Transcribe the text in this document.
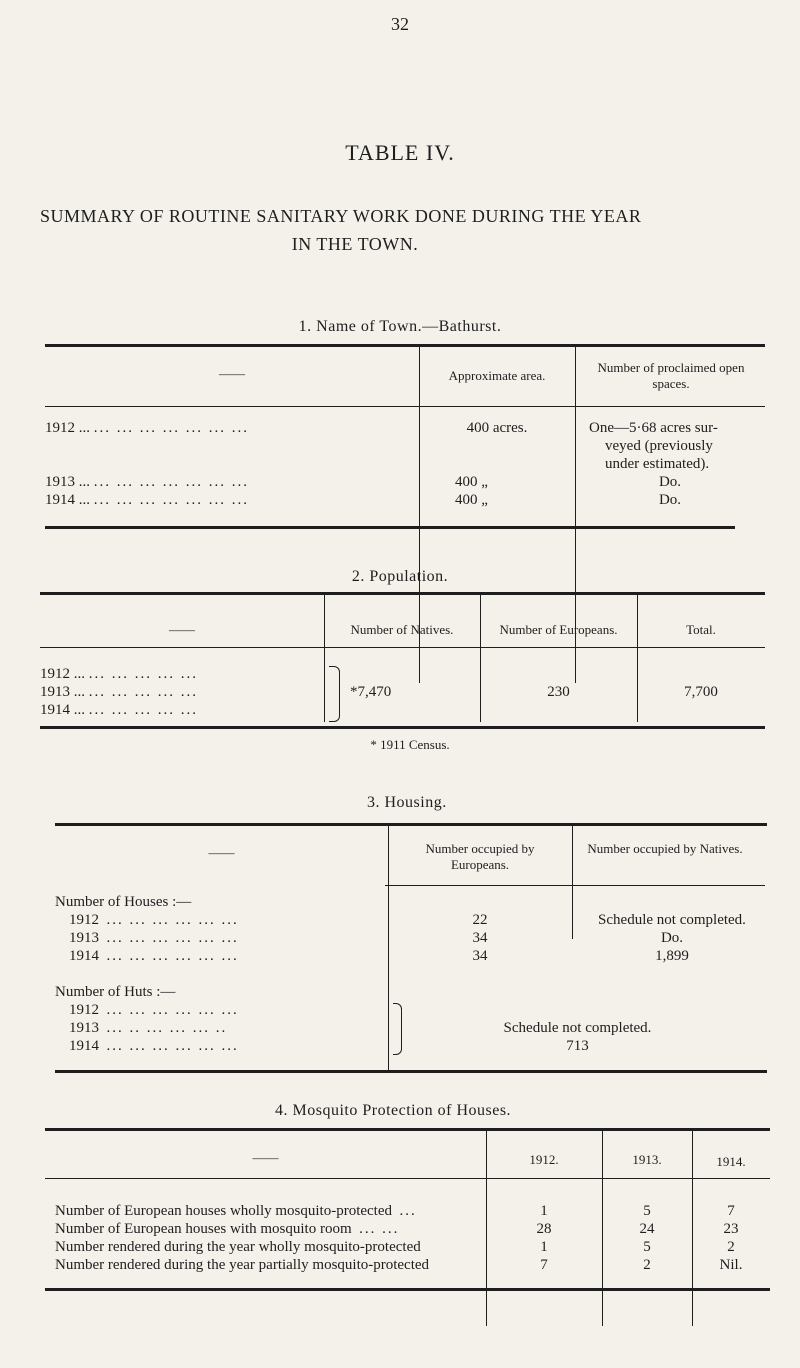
32
TABLE IV.
SUMMARY OF ROUTINE SANITARY WORK DONE DURING THE YEAR
IN THE TOWN.
1. Name of Town.—Bathurst.
——	Approximate area.
Number of proclaimed open spaces.
1912 ... ... ... ... ... ... ... ...	400 acres.	One—5·68 acres sur-
veyed (previously
under estimated).
1913 ... ... ... ... ... ... ... ...	400 „	Do.
1914 ... ... ... ... ... ... ... ...	400 „	Do.
2. Population.
——	Number of Natives.	Number of Europeans.	Total.
1912 ... ... ... ... ... ...
1913 ... ... ... ... ... ...
1914 ... ... ... ... ... ...
*7,470	230	7,700
* 1911 Census.
3. Housing.
——	Number occupied by Europeans.
Number occupied by Natives.
Number of Houses :—
1912 ... ... ... ... ... ...	22	Schedule not completed.
1913 ... ... ... ... ... ...	34	Do.
1914 ... ... ... ... ... ...	34	1,899
Number of Huts :—
1912 ... ... ... ... ... ...
1913 ... .. ... ... ... ..
1914 ... ... ... ... ... ...
Schedule not completed.
713
4. Mosquito Protection of Houses.
——	1912.	1913.	1914.
Number of European houses wholly mosquito-protected ...	1	5	7
Number of European houses with mosquito room ... ...	28	24	23
Number rendered during the year wholly mosquito-protected	1	5	2
Number rendered during the year partially mosquito-protected	7	2	Nil.
